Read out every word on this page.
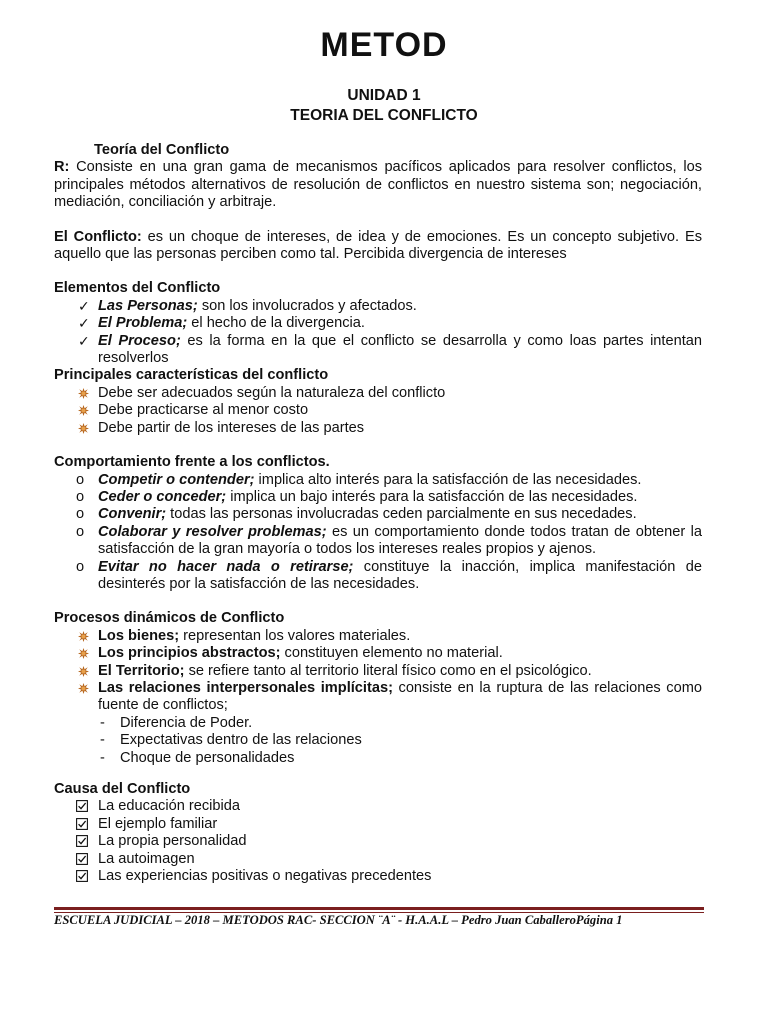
METOD
UNIDAD 1
TEORIA DEL CONFLICTO
Teoría del Conflicto

R: Consiste en una gran gama de mecanismos pacíficos aplicados para resolver conflictos, los principales métodos alternativos de resolución de conflictos en nuestro sistema son; negociación, mediación, conciliación y arbitraje.

El Conflicto: es un choque de intereses, de idea y de emociones. Es un concepto subjetivo. Es aquello que las personas perciben como tal. Percibida divergencia de intereses

Elementos del Conflicto
✓ Las Personas; son los involucrados y afectados.
✓ El Problema; el hecho de la divergencia.
✓ El Proceso; es la forma en la que el conflicto se desarrolla y como loas partes intentan resolverlos
Principales características del conflicto
Debe ser adecuados según la naturaleza del conflicto
Debe practicarse al menor costo
Debe partir de los intereses de las partes
Comportamiento frente a los conflictos.
o Competir o contender; implica alto interés para la satisfacción de las necesidades.
o Ceder o conceder; implica un bajo interés para la satisfacción de las necesidades.
o Convenir; todas las personas involucradas ceden parcialmente en sus necedades.
o Colaborar y resolver problemas; es un comportamiento donde todos tratan de obtener la satisfacción de la gran mayoría o todos los intereses reales propios y ajenos.
o Evitar no hacer nada o retirarse; constituye la inacción, implica manifestación de desinterés por la satisfacción de las necesidades.
Procesos dinámicos de Conflicto
Los bienes; representan los valores materiales.
Los principios abstractos; constituyen elemento no material.
El Territorio; se refiere tanto al territorio literal físico como en el psicológico.
Las relaciones interpersonales implícitas; consiste en la ruptura de las relaciones como fuente de conflictos;
- Diferencia de Poder.
- Expectativas dentro de las relaciones
- Choque de personalidades
Causa del Conflicto
La educación recibida
El ejemplo familiar
La propia personalidad
La autoimagen
Las experiencias positivas o negativas precedentes
ESCUELA JUDICIAL – 2018 – METODOS RAC- SECCION ¨A¨ - H.A.A.L – Pedro Juan CaballeroPágina 1
